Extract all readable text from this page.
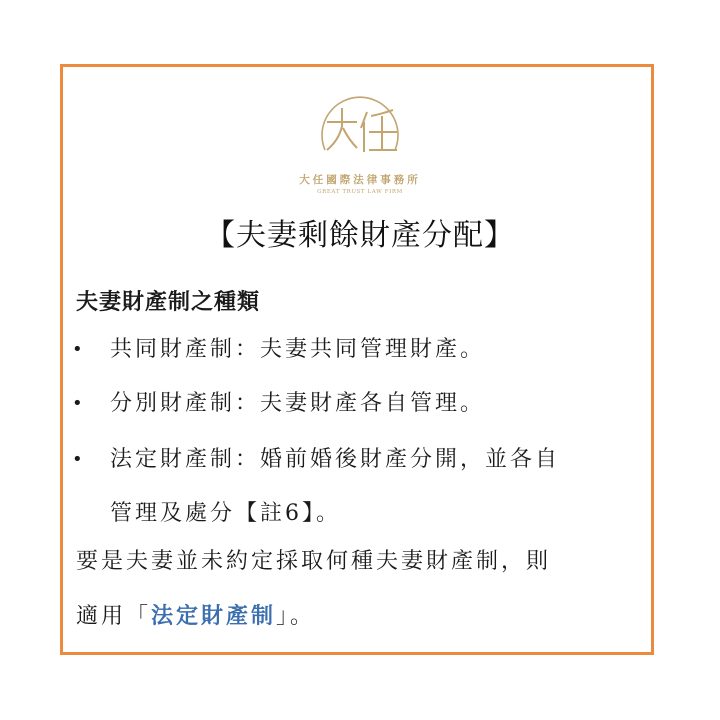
大任國際法律事務所
GREAT TRUST LAW FIRM
【夫妻剩餘財產分配】
夫妻財產制之種類
• 共同財產制：夫妻共同管理財產。
• 分別財產制：夫妻財產各自管理。
• 法定財產制：婚前婚後財產分開，並各自
管理及處分【註6】。
要是夫妻並未約定採取何種夫妻財產制，則
適用「法定財產制」。
